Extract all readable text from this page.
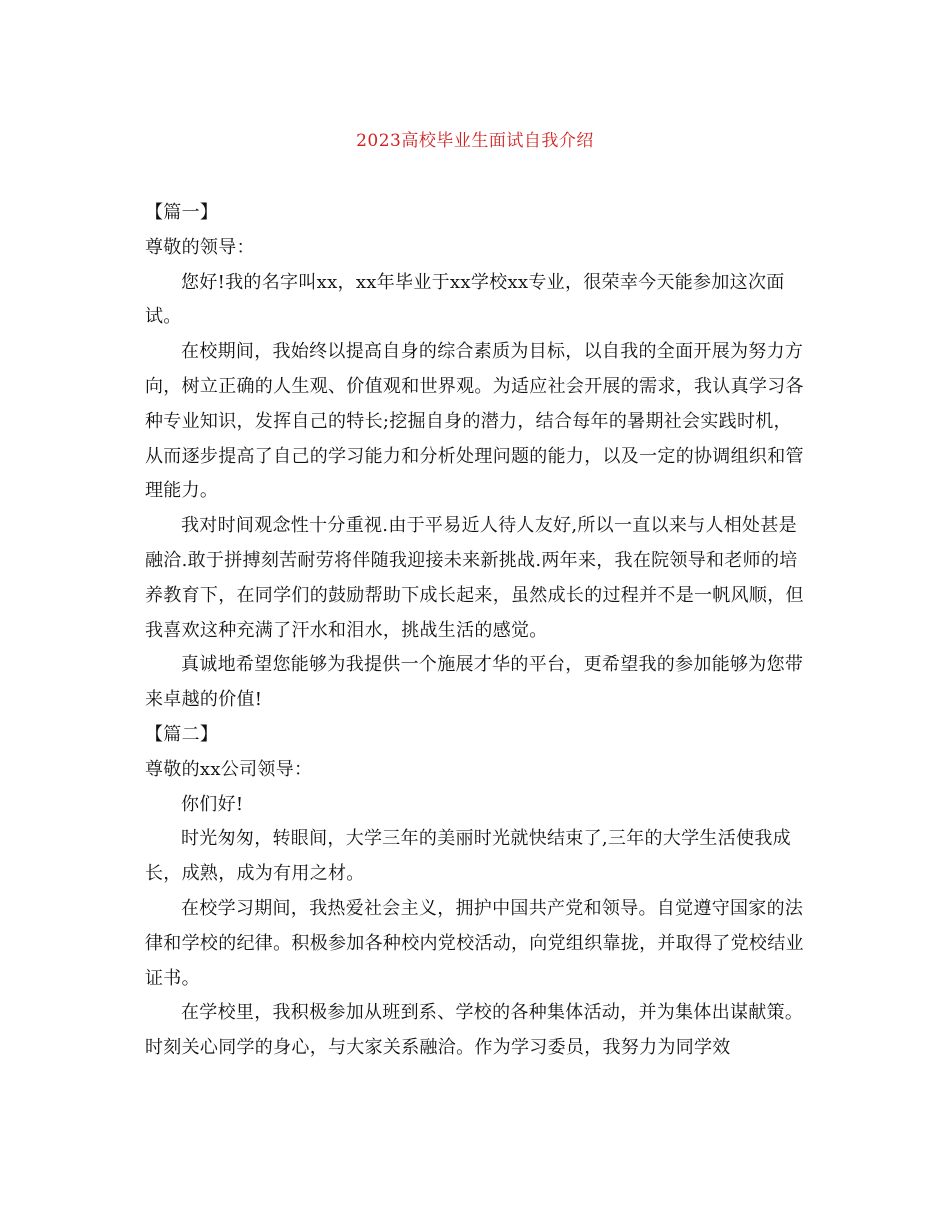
2023高校毕业生面试自我介绍

【篇一】

尊敬的领导：

您好!我的名字叫xx，xx年毕业于xx学校xx专业，很荣幸今天能参加这次面试。

在校期间，我始终以提高自身的综合素质为目标，以自我的全面开展为努力方向，树立正确的人生观、价值观和世界观。为适应社会开展的需求，我认真学习各种专业知识，发挥自己的特长;挖掘自身的潜力，结合每年的暑期社会实践时机，从而逐步提高了自己的学习能力和分析处理问题的能力，以及一定的协调组织和管理能力。

我对时间观念性十分重视.由于平易近人待人友好,所以一直以来与人相处甚是融洽.敢于拼搏刻苦耐劳将伴随我迎接未来新挑战.两年来，我在院领导和老师的培养教育下，在同学们的鼓励帮助下成长起来，虽然成长的过程并不是一帆风顺，但我喜欢这种充满了汗水和泪水，挑战生活的感觉。

真诚地希望您能够为我提供一个施展才华的平台，更希望我的参加能够为您带来卓越的价值!

【篇二】

尊敬的xx公司领导：

你们好!

时光匆匆，转眼间，大学三年的美丽时光就快结束了,三年的大学生活使我成长，成熟，成为有用之材。

在校学习期间，我热爱社会主义，拥护中国共产党和领导。自觉遵守国家的法律和学校的纪律。积极参加各种校内党校活动，向党组织靠拢，并取得了党校结业证书。

在学校里，我积极参加从班到系、学校的各种集体活动，并为集体出谋献策。时刻关心同学的身心，与大家关系融洽。作为学习委员，我努力为同学效
